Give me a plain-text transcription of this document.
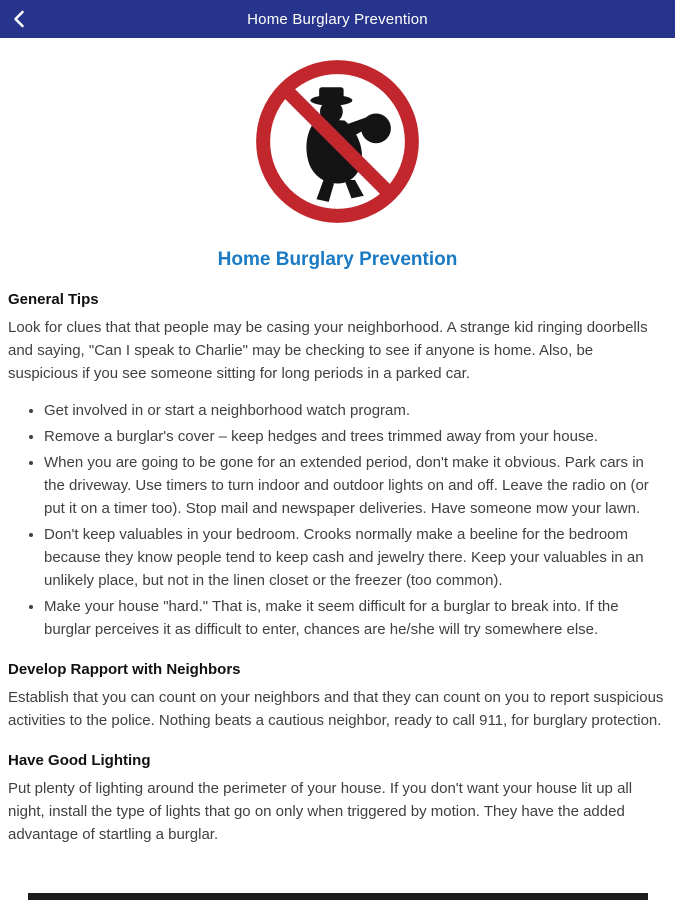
Home Burglary Prevention
Home Burglary Prevention
General Tips

Look for clues that that people may be casing your neighborhood. A strange kid ringing doorbells and saying, "Can I speak to Charlie" may be checking to see if anyone is home. Also, be suspicious if you see someone sitting for long periods in a parked car.

• Get involved in or start a neighborhood watch program.
• Remove a burglar's cover – keep hedges and trees trimmed away from your house.
• When you are going to be gone for an extended period, don't make it obvious. Park cars in the driveway. Use timers to turn indoor and outdoor lights on and off. Leave the radio on (or put it on a timer too). Stop mail and newspaper deliveries. Have someone mow your lawn.
• Don't keep valuables in your bedroom. Crooks normally make a beeline for the bedroom because they know people tend to keep cash and jewelry there. Keep your valuables in an unlikely place, but not in the linen closet or the freezer (too common).
• Make your house "hard." That is, make it seem difficult for a burglar to break into. If the burglar perceives it as difficult to enter, chances are he/she will try somewhere else.
Develop Rapport with Neighbors

Establish that you can count on your neighbors and that they can count on you to report suspicious activities to the police. Nothing beats a cautious neighbor, ready to call 911, for burglary protection.

Have Good Lighting

Put plenty of lighting around the perimeter of your house. If you don't want your house lit up all night, install the type of lights that go on only when triggered by motion. They have the added advantage of startling a burglar.
